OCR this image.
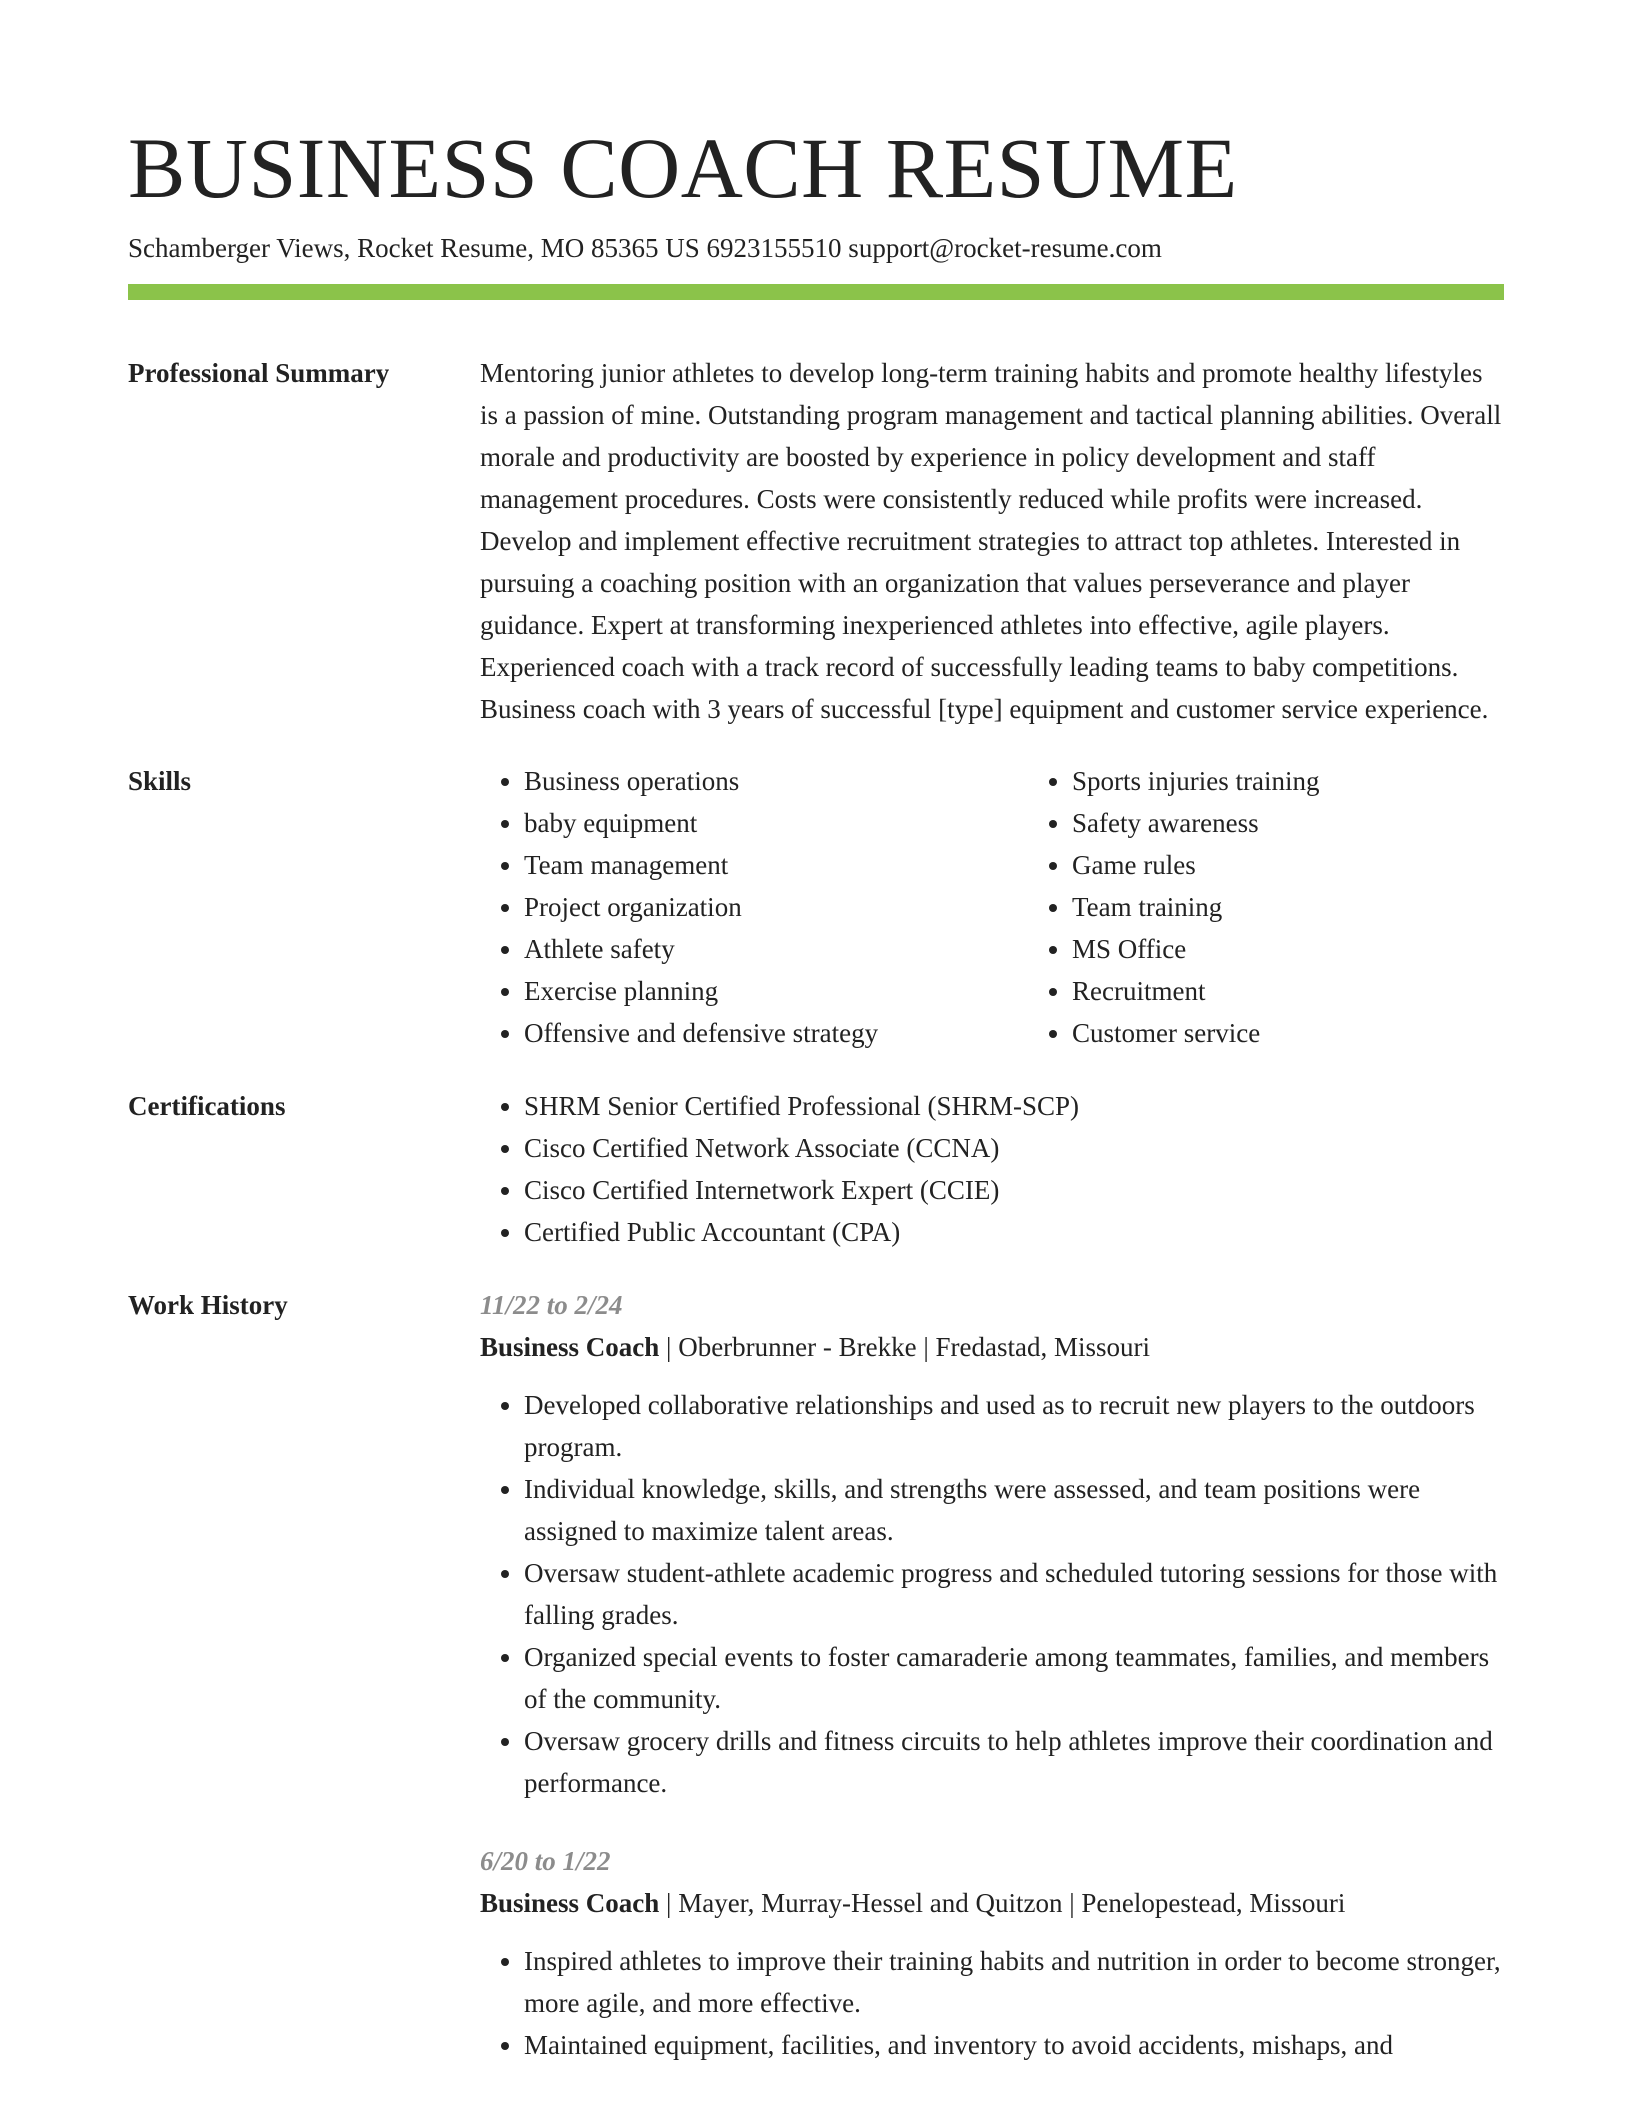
BUSINESS COACH RESUME
Schamberger Views, Rocket Resume, MO 85365 US 6923155510 support@rocket-resume.com
Professional Summary	Mentoring junior athletes to develop long-term training habits and promote healthy lifestyles is a passion of mine. Outstanding program management and tactical planning abilities. Overall morale and productivity are boosted by experience in policy development and staff management procedures. Costs were consistently reduced while profits were increased. Develop and implement effective recruitment strategies to attract top athletes. Interested in pursuing a coaching position with an organization that values perseverance and player guidance. Expert at transforming inexperienced athletes into effective, agile players. Experienced coach with a track record of successfully leading teams to baby competitions. Business coach with 3 years of successful [type] equipment and customer service experience.

Skills	• Business operations
• baby equipment
• Team management
• Project organization
• Athlete safety
• Exercise planning
• Offensive and defensive strategy
• Sports injuries training
• Safety awareness
• Game rules
• Team training
• MS Office
• Recruitment
• Customer service
Certifications	• SHRM Senior Certified Professional (SHRM-SCP)
• Cisco Certified Network Associate (CCNA)
• Cisco Certified Internetwork Expert (CCIE)
• Certified Public Accountant (CPA)
Work History	11/22 to 2/24
Business Coach | Oberbrunner - Brekke | Fredastad, Missouri
• Developed collaborative relationships and used as to recruit new players to the outdoors program.
• Individual knowledge, skills, and strengths were assessed, and team positions were assigned to maximize talent areas.
• Oversaw student-athlete academic progress and scheduled tutoring sessions for those with falling grades.
• Organized special events to foster camaraderie among teammates, families, and members of the community.
• Oversaw grocery drills and fitness circuits to help athletes improve their coordination and performance.
6/20 to 1/22
Business Coach | Mayer, Murray-Hessel and Quitzon | Penelopestead, Missouri
• Inspired athletes to improve their training habits and nutrition in order to become stronger, more agile, and more effective.
• Maintained equipment, facilities, and inventory to avoid accidents, mishaps, and
